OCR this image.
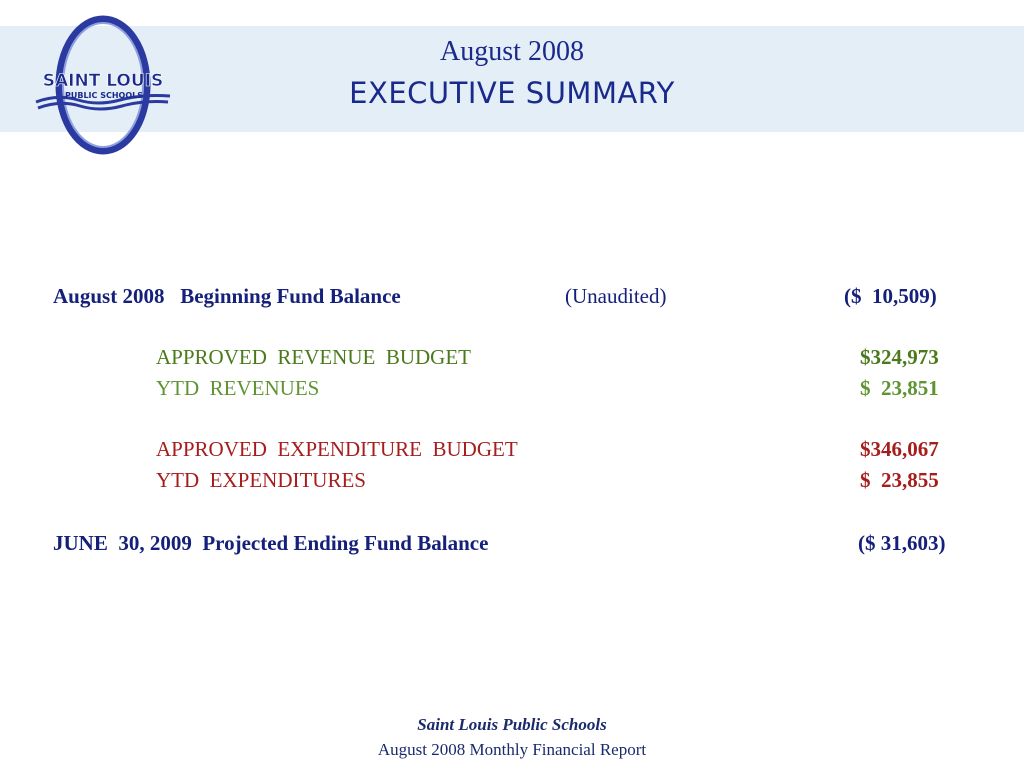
SAINT LOUIS
PUBLIC SCHOOLS
August 2008
EXECUTIVE SUMMARY
August 2008   Beginning Fund Balance	(Unaudited)	($  10,509)
APPROVED  REVENUE  BUDGET	$324,973
YTD  REVENUES	$  23,851
APPROVED  EXPENDITURE  BUDGET	$346,067
YTD  EXPENDITURES	$  23,855
JUNE  30, 2009  Projected Ending Fund Balance	($ 31,603)
Saint Louis Public Schools
August 2008 Monthly Financial Report
